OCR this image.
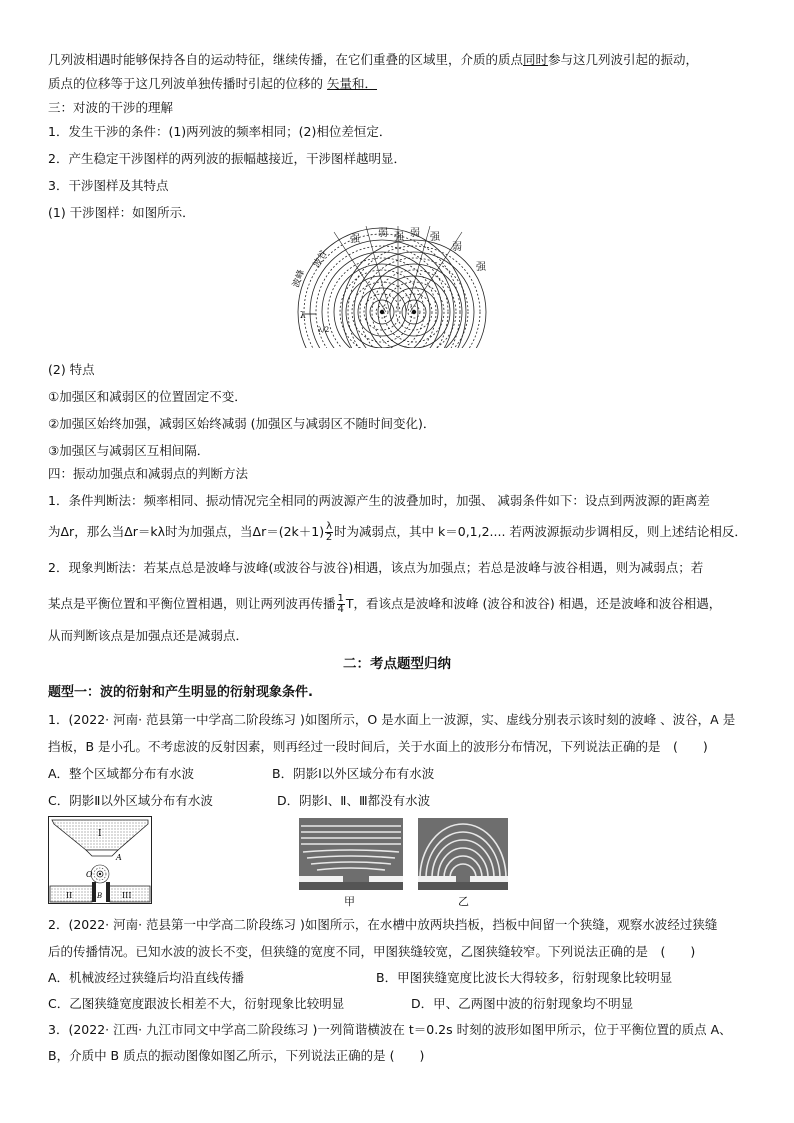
几列波相遇时能够保持各自的运动特征，继续传播，在它们重叠的区域里，介质的质点同时参与这几列波引起的振动，
质点的位移等于这几列波单独传播时引起的位移的 矢量和．
三：对波的干涉的理解
1．发生干涉的条件：(1)两列波的频率相同；(2)相位差恒定．
2．产生稳定干涉图样的两列波的振幅越接近，干涉图样越明显．
3．干涉图样及其特点
(1) 干涉图样：如图所示．
λ
λ/2
强
弱 强 弱 强
弱
强
波峰
波谷
(2) 特点
①加强区和减弱区的位置固定不变．
②加强区始终加强，减弱区始终减弱 (加强区与减弱区不随时间变化)．
③加强区与减弱区互相间隔．
四：振动加强点和减弱点的判断方法
1．条件判断法：频率相同、振动情况完全相同的两波源产生的波叠加时，加强、 减弱条件如下：设点到两波源的距离差
为Δr，那么当Δr＝kλ时为加强点，当$\Delta r=(2k+1) \frac{\lambda}{2}$ 时为减弱点，其中 k＝0,1,2.... 若两波源振动步调相反，则上述结论相反．
2．现象判断法：若某点总是波峰与波峰(或波谷与波谷)相遇，该点为加强点；若总是波峰与波谷相遇，则为减弱点；若
某点是平衡位置和平衡位置相遇，则让两列波再传播 $\frac{1}{4}$ T，看该点是波峰和波峰 (波谷和波谷) 相遇，还是波峰和波谷相遇，
从而判断该点是加强点还是减弱点．
二：考点题型归纳
题型一：波的衍射和产生明显的衍射现象条件.
1．(2022· 河南· 范县第一中学高二阶段练习 )如图所示，O 是水面上一波源，实、虚线分别表示该时刻的波峰 、波谷，A 是
挡板，B 是小孔。不考虑波的反射因素，则再经过一段时间后，关于水面上的波形分布情况，下列说法正确的是　(　　)
A．整个区域都分布有水波	B．阴影Ⅰ以外区域分布有水波
C．阴影Ⅱ以外区域分布有水波	D．阴影Ⅰ、Ⅱ、Ⅲ都没有水波
I
A
O
II	III
B	甲	乙
2．(2022· 河南· 范县第一中学高二阶段练习 )如图所示，在水槽中放两块挡板，挡板中间留一个狭缝，观察水波经过狭缝
后的传播情况。已知水波的波长不变，但狭缝的宽度不同，甲图狭缝较宽，乙图狭缝较窄。下列说法正确的是　(　　)
A．机械波经过狭缝后均沿直线传播	B．甲图狭缝宽度比波长大得较多，衍射现象比较明显
C．乙图狭缝宽度跟波长相差不大，衍射现象比较明显	D．甲、乙两图中波的衍射现象均不明显
3．(2022· 江西· 九江市同文中学高二阶段练习 )一列简谐横波在 t＝0.2s 时刻的波形如图甲所示，位于平衡位置的质点 A、
B，介质中 B 质点的振动图像如图乙所示，下列说法正确的是 (　　)
